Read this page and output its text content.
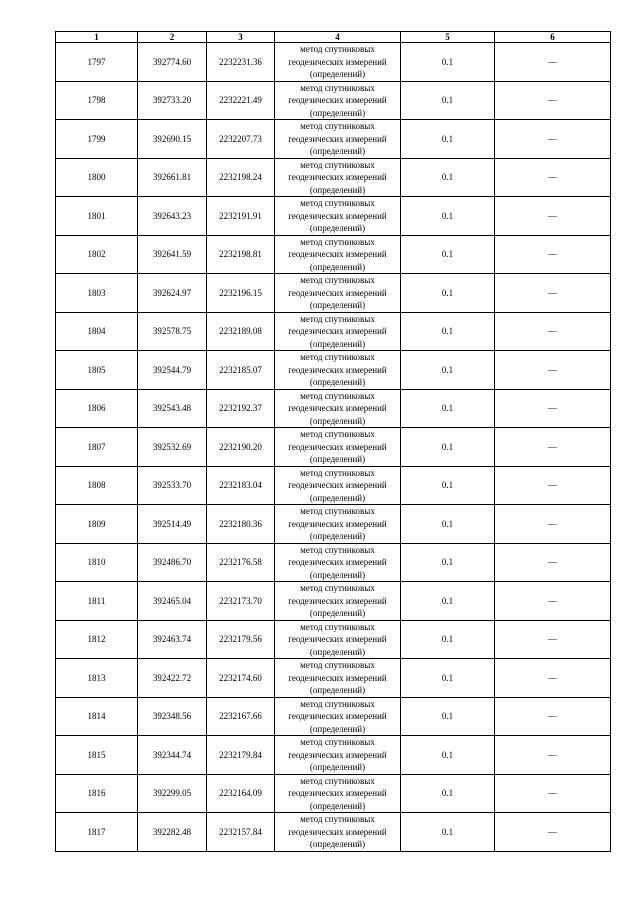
1	2	3	4	5	6
1797	392774.60	2232231.36	метод спутниковых геодезических измерений (определений)	0.1	—
1798	392733.20	2232221.49	метод спутниковых геодезических измерений (определений)	0.1	—
1799	392690.15	2232207.73	метод спутниковых геодезических измерений (определений)	0.1	—
1800	392661.81	2232198.24	метод спутниковых геодезических измерений (определений)	0.1	—
1801	392643.23	2232191.91	метод спутниковых геодезических измерений (определений)	0.1	—
1802	392641.59	2232198.81	метод спутниковых геодезических измерений (определений)	0.1	—
1803	392624.97	2232196.15	метод спутниковых геодезических измерений (определений)	0.1	—
1804	392578.75	2232189.08	метод спутниковых геодезических измерений (определений)	0.1	—
1805	392544.79	2232185.07	метод спутниковых геодезических измерений (определений)	0.1	—
1806	392543.48	2232192.37	метод спутниковых геодезических измерений (определений)	0.1	—
1807	392532.69	2232190.20	метод спутниковых геодезических измерений (определений)	0.1	—
1808	392533.70	2232183.04	метод спутниковых геодезических измерений (определений)	0.1	—
1809	392514.49	2232180.36	метод спутниковых геодезических измерений (определений)	0.1	—
1810	392486.70	2232176.58	метод спутниковых геодезических измерений (определений)	0.1	—
1811	392465.04	2232173.70	метод спутниковых геодезических измерений (определений)	0.1	—
1812	392463.74	2232179.56	метод спутниковых геодезических измерений (определений)	0.1	—
1813	392422.72	2232174.60	метод спутниковых геодезических измерений (определений)	0.1	—
1814	392348.56	2232167.66	метод спутниковых геодезических измерений (определений)	0.1	—
1815	392344.74	2232179.84	метод спутниковых геодезических измерений (определений)	0.1	—
1816	392299.05	2232164.09	метод спутниковых геодезических измерений (определений)	0.1	—
1817	392282.48	2232157.84	метод спутниковых геодезических измерений (определений)	0.1	—
